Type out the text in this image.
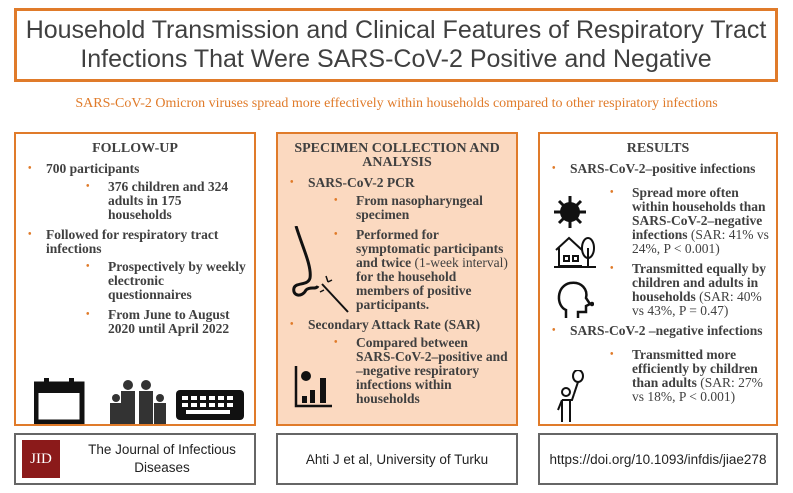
Household Transmission and Clinical Features of Respiratory Tract Infections That Were SARS-CoV-2 Positive and Negative
SARS-CoV-2 Omicron viruses spread more effectively within households compared to other respiratory infections
FOLLOW-UP
• 700 participants
• 376 children and 324 adults in 175 households
• Followed for respiratory tract infections
• Prospectively by weekly electronic questionnaires
• From June to August 2020 until April 2022
SPECIMEN COLLECTION AND ANALYSIS
• SARS-CoV-2 PCR
• From nasopharyngeal specimen
• Performed for symptomatic participants and twice (1-week interval) for the household members of positive participants.
• Secondary Attack Rate (SAR)
• Compared between SARS-CoV-2–positive and –negative respiratory infections within households
RESULTS
• SARS-CoV-2–positive infections
• Spread more often within households than SARS-CoV-2–negative infections (SAR: 41% vs 24%, P < 0.001)
• Transmitted equally by children and adults in households (SAR: 40% vs 43%, P = 0.47)
• SARS-CoV-2 –negative infections
• Transmitted more efficiently by children than adults (SAR: 27% vs 18%, P < 0.001)
JID
The Journal of Infectious Diseases
Ahti J et al, University of Turku	https://doi.org/10.1093/infdis/jiae278
